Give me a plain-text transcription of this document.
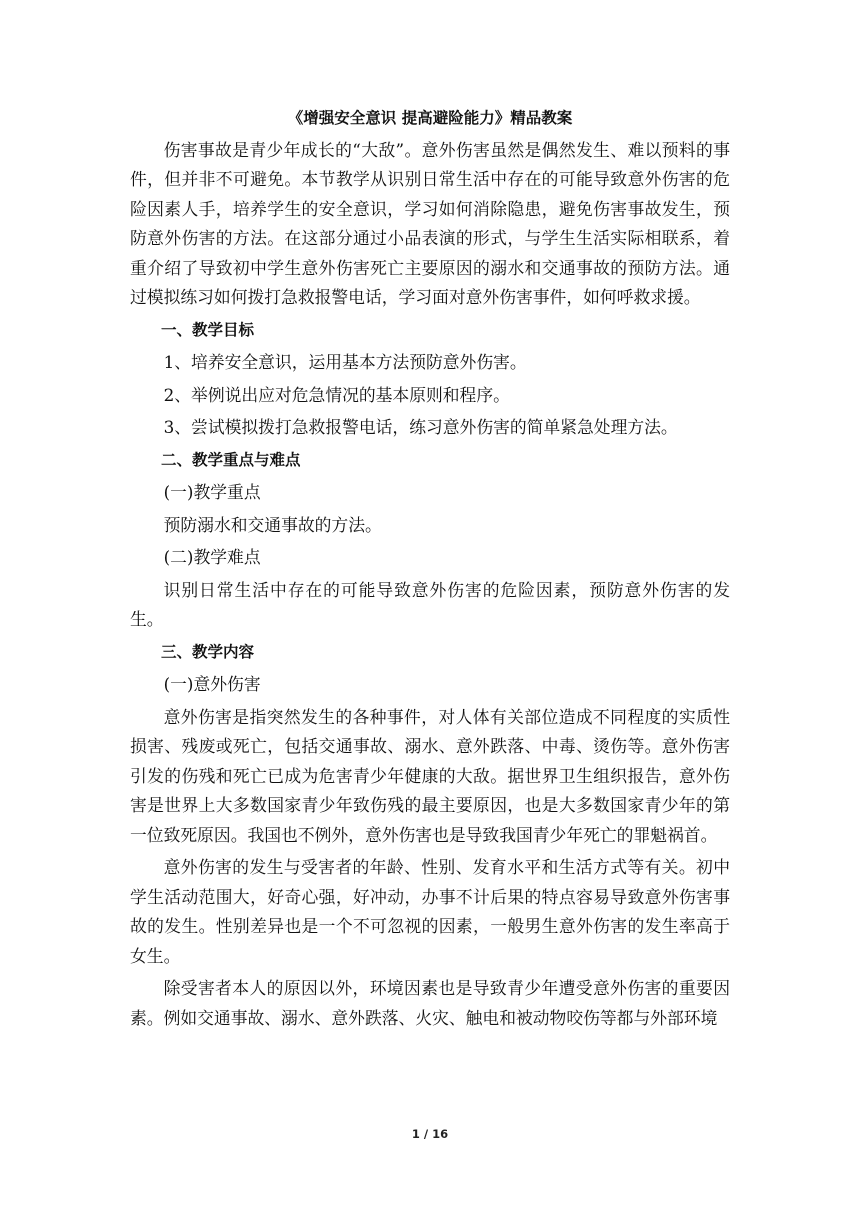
《增强安全意识 提高避险能力》精品教案

伤害事故是青少年成长的“大敌”。意外伤害虽然是偶然发生、难以预料的事件，但并非不可避免。本节教学从识别日常生活中存在的可能导致意外伤害的危险因素人手，培养学生的安全意识，学习如何消除隐患，避免伤害事故发生，预防意外伤害的方法。在这部分通过小品表演的形式，与学生生活实际相联系，着重介绍了导致初中学生意外伤害死亡主要原因的溺水和交通事故的预防方法。通过模拟练习如何拨打急救报警电话，学习面对意外伤害事件，如何呼救求援。

一、教学目标

1、培养安全意识，运用基本方法预防意外伤害。

2、举例说出应对危急情况的基本原则和程序。

3、尝试模拟拨打急救报警电话，练习意外伤害的简单紧急处理方法。

二、教学重点与难点

(一)教学重点

预防溺水和交通事故的方法。

(二)教学难点

识别日常生活中存在的可能导致意外伤害的危险因素，预防意外伤害的发生。

三、教学内容

(一)意外伤害

意外伤害是指突然发生的各种事件，对人体有关部位造成不同程度的实质性损害、残废或死亡，包括交通事故、溺水、意外跌落、中毒、烫伤等。意外伤害引发的伤残和死亡已成为危害青少年健康的大敌。据世界卫生组织报告，意外伤害是世界上大多数国家青少年致伤残的最主要原因，也是大多数国家青少年的第一位致死原因。我国也不例外，意外伤害也是导致我国青少年死亡的罪魁祸首。

意外伤害的发生与受害者的年龄、性别、发育水平和生活方式等有关。初中学生活动范围大，好奇心强，好冲动，办事不计后果的特点容易导致意外伤害事故的发生。性别差异也是一个不可忽视的因素，一般男生意外伤害的发生率高于女生。

除受害者本人的原因以外，环境因素也是导致青少年遭受意外伤害的重要因素。例如交通事故、溺水、意外跌落、火灾、触电和被动物咬伤等都与外部环境

1 / 16
